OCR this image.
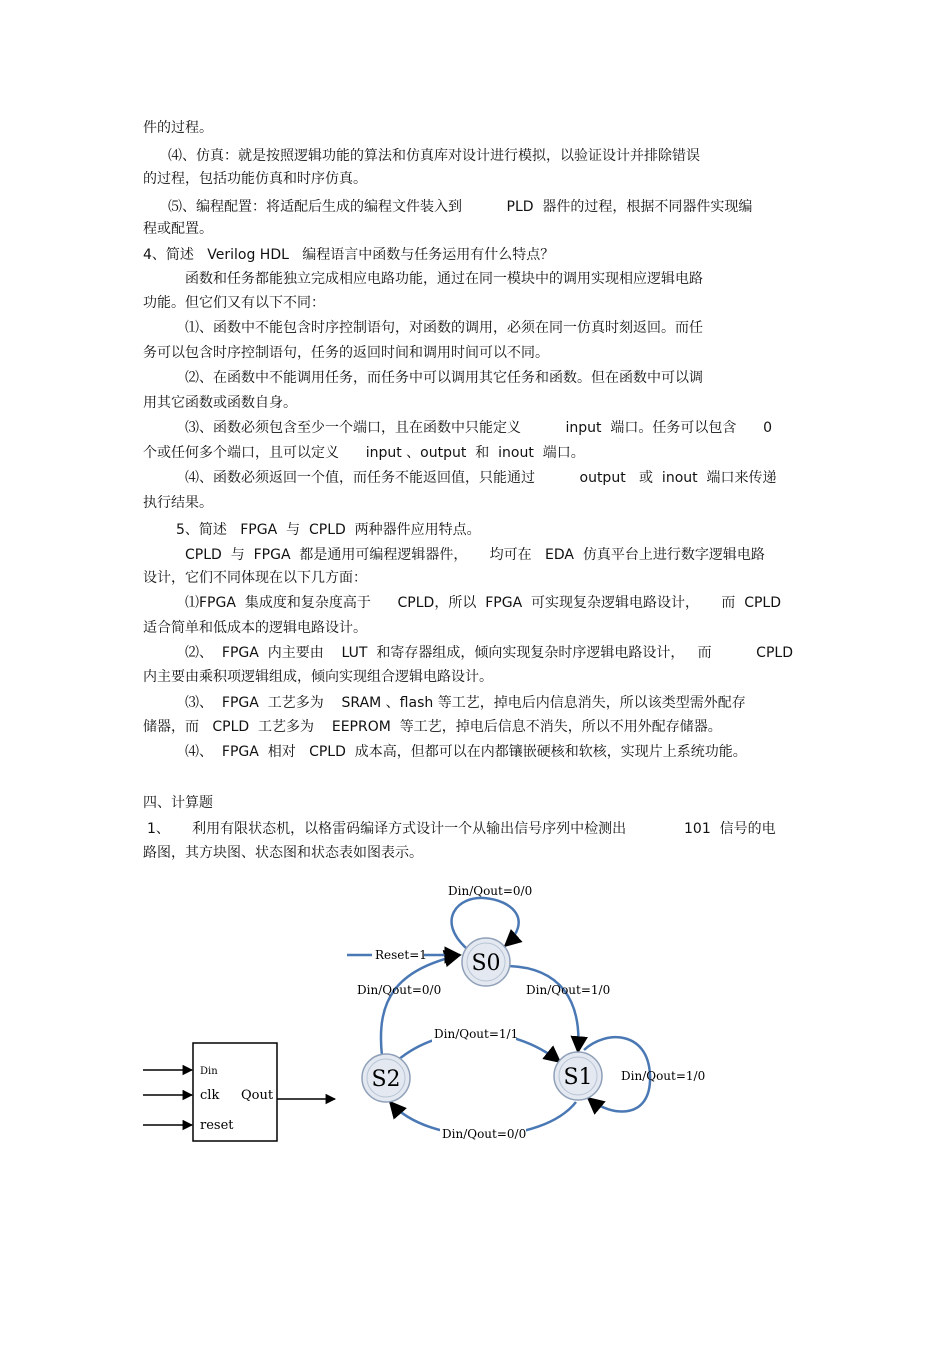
件的过程。
⑷、仿真：就是按照逻辑功能的算法和仿真库对设计进行模拟，以验证设计并排除错误
的过程，包括功能仿真和时序仿真。
⑸、编程配置：将适配后生成的编程文件装入到          PLD  器件的过程，根据不同器件实现编
程或配置。
4、简述   Verilog HDL   编程语言中函数与任务运用有什么特点？
函数和任务都能独立完成相应电路功能，通过在同一模块中的调用实现相应逻辑电路
功能。但它们又有以下不同：
⑴、函数中不能包含时序控制语句，对函数的调用，必须在同一仿真时刻返回。而任
务可以包含时序控制语句，任务的返回时间和调用时间可以不同。
⑵、在函数中不能调用任务，而任务中可以调用其它任务和函数。但在函数中可以调
用其它函数或函数自身。
⑶、函数必须包含至少一个端口，且在函数中只能定义          input  端口。任务可以包含      0
个或任何多个端口，且可以定义      input 、output  和  inout  端口。
⑷、函数必须返回一个值，而任务不能返回值，只能通过          output   或  inout  端口来传递
执行结果。
5、简述   FPGA  与  CPLD  两种器件应用特点。
CPLD  与  FPGA  都是通用可编程逻辑器件，     均可在   EDA  仿真平台上进行数字逻辑电路
设计，它们不同体现在以下几方面：
⑴FPGA  集成度和复杂度高于      CPLD，所以  FPGA  可实现复杂逻辑电路设计，     而  CPLD
适合简单和低成本的逻辑电路设计。
⑵、  FPGA  内主要由    LUT  和寄存器组成，倾向实现复杂时序逻辑电路设计，   而          CPLD
内主要由乘积项逻辑组成，倾向实现组合逻辑电路设计。
⑶、  FPGA  工艺多为    SRAM 、flash 等工艺，掉电后内信息消失，所以该类型需外配存
储器，而   CPLD  工艺多为    EEPROM  等工艺，掉电后信息不消失，所以不用外配存储器。
⑷、  FPGA  相对   CPLD  成本高，但都可以在内都镶嵌硬核和软核，实现片上系统功能。
四、计算题
1、     利用有限状态机，以格雷码编译方式设计一个从输出信号序列中检测出             101  信号的电
路图，其方块图、状态图和状态表如图表示。
Din
clk
reset
Qout
S0
S1
S2
Reset=1
Din/Qout=0/0
Din/Qout=1/0
Din/Qout=0/0
Din/Qout=1/1
Din/Qout=1/0
Din/Qout=0/0
